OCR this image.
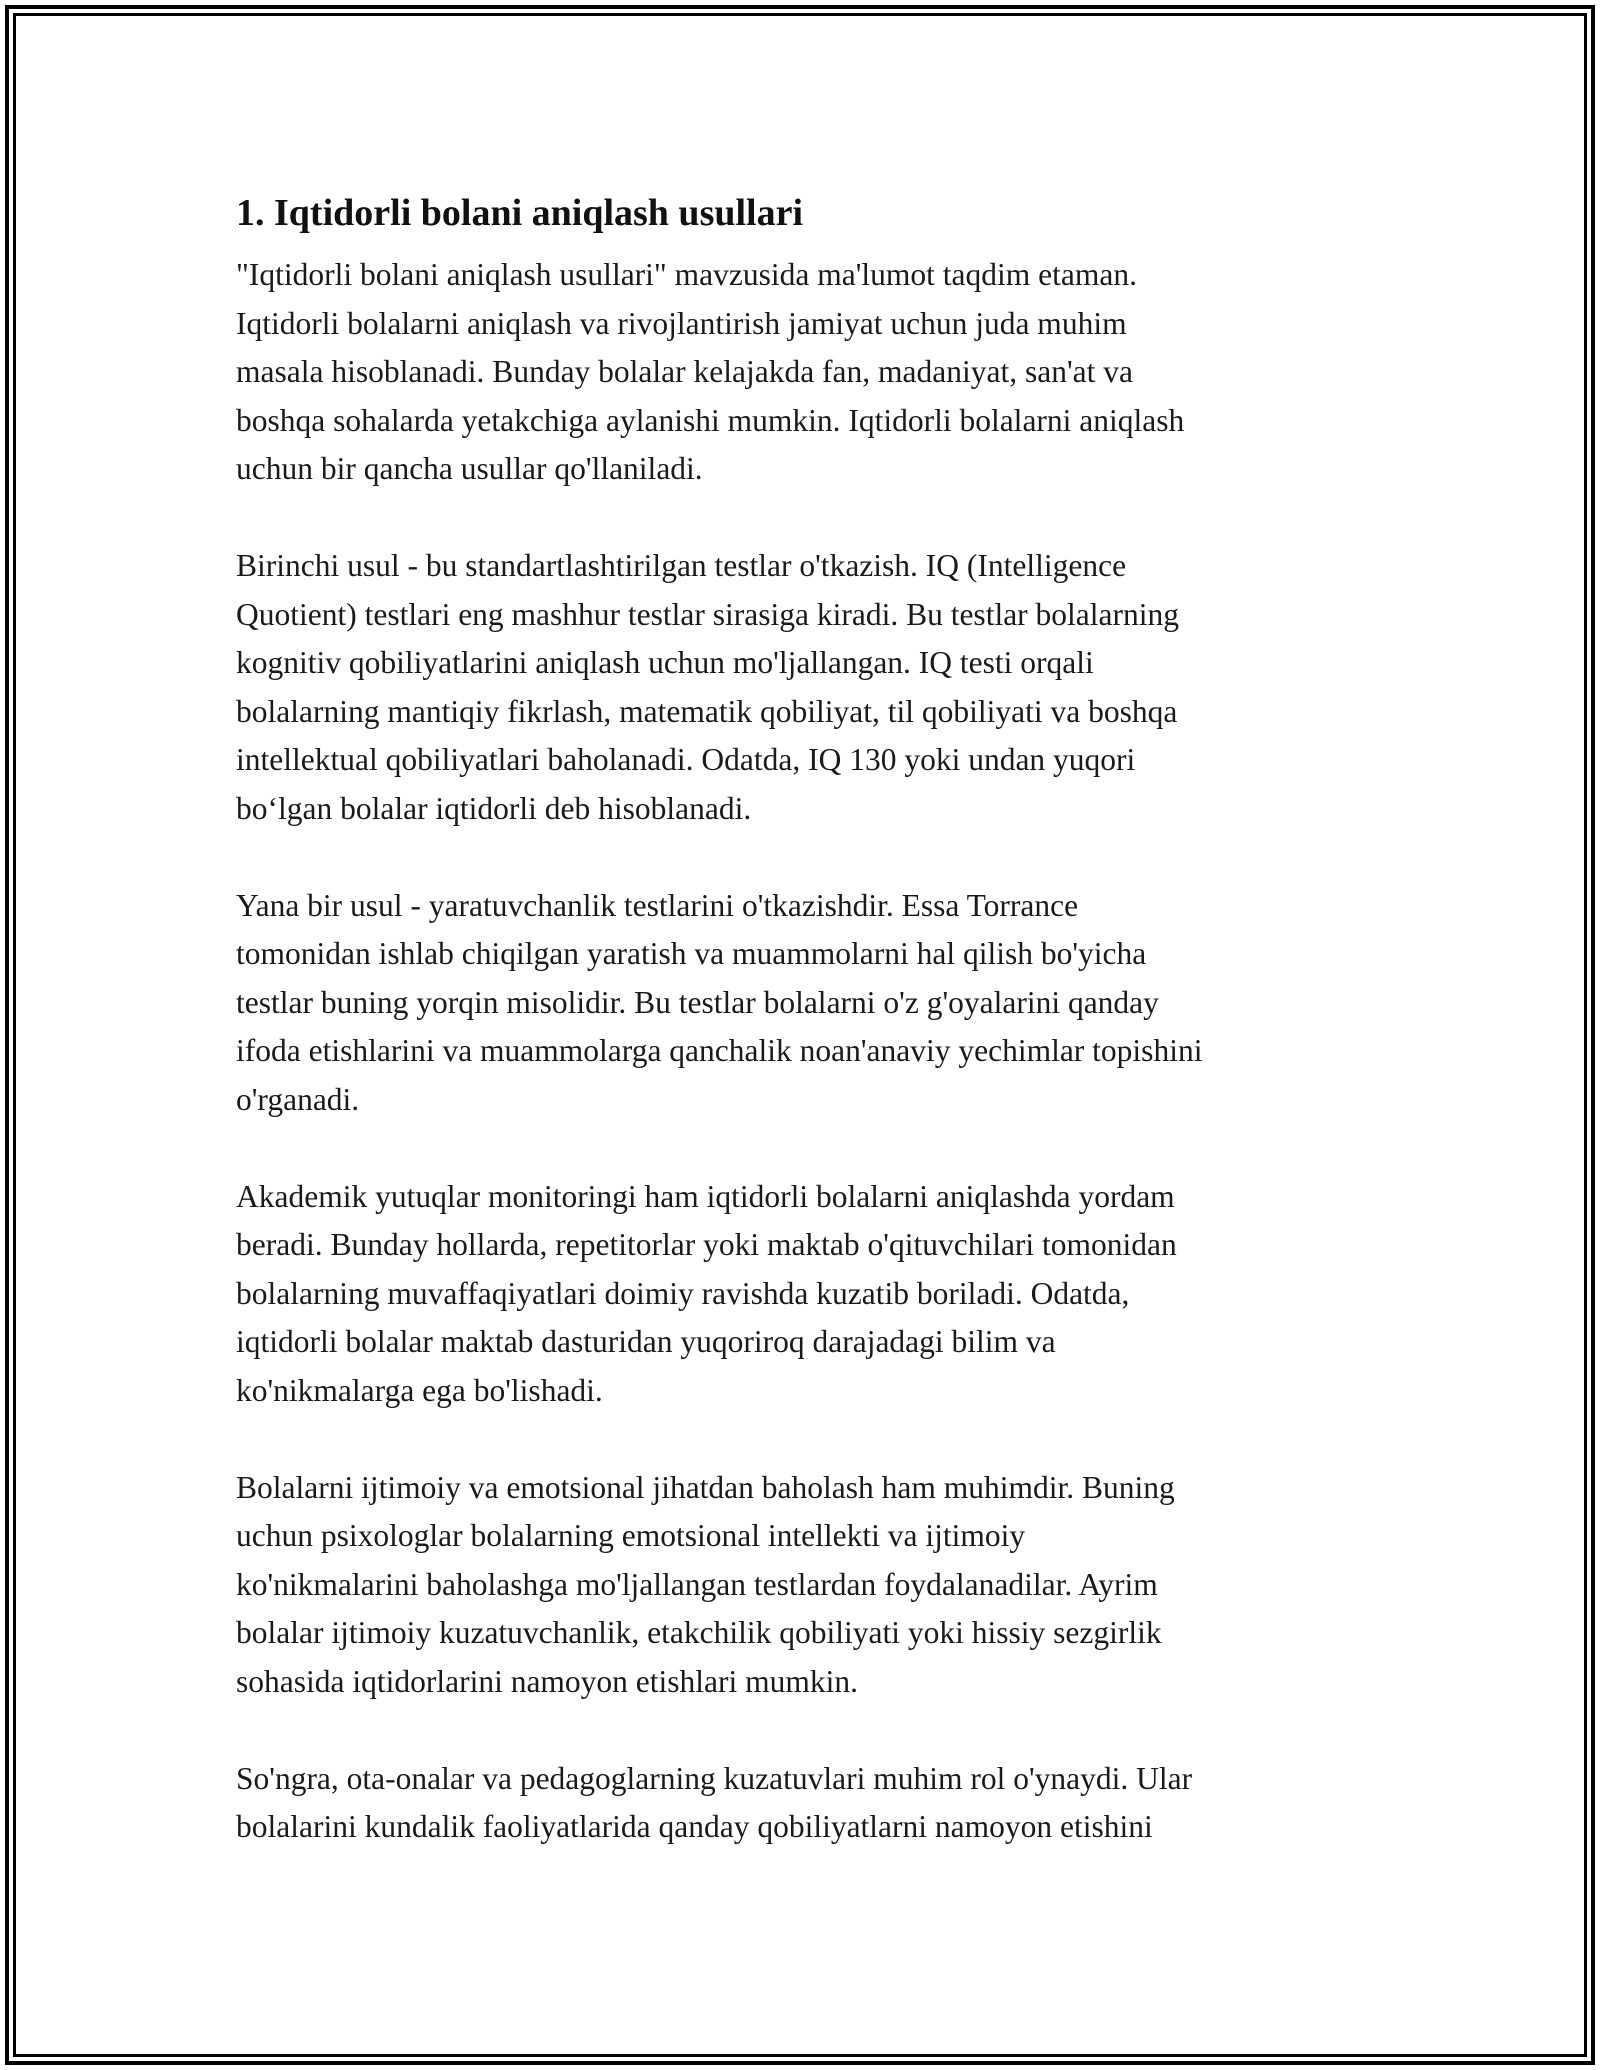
1. Iqtidorli bolani aniqlash usullari

"Iqtidorli bolani aniqlash usullari" mavzusida ma'lumot taqdim etaman.
Iqtidorli bolalarni aniqlash va rivojlantirish jamiyat uchun juda muhim
masala hisoblanadi. Bunday bolalar kelajakda fan, madaniyat, san'at va
boshqa sohalarda yetakchiga aylanishi mumkin. Iqtidorli bolalarni aniqlash
uchun bir qancha usullar qo'llaniladi.

Birinchi usul - bu standartlashtirilgan testlar o'tkazish. IQ (Intelligence
Quotient) testlari eng mashhur testlar sirasiga kiradi. Bu testlar bolalarning
kognitiv qobiliyatlarini aniqlash uchun mo'ljallangan. IQ testi orqali
bolalarning mantiqiy fikrlash, matematik qobiliyat, til qobiliyati va boshqa
intellektual qobiliyatlari baholanadi. Odatda, IQ 130 yoki undan yuqori
bo‘lgan bolalar iqtidorli deb hisoblanadi.

Yana bir usul - yaratuvchanlik testlarini o'tkazishdir. Essa Torrance
tomonidan ishlab chiqilgan yaratish va muammolarni hal qilish bo'yicha
testlar buning yorqin misolidir. Bu testlar bolalarni o'z g'oyalarini qanday
ifoda etishlarini va muammolarga qanchalik noan'anaviy yechimlar topishini
o'rganadi.

Akademik yutuqlar monitoringi ham iqtidorli bolalarni aniqlashda yordam
beradi. Bunday hollarda, repetitorlar yoki maktab o'qituvchilari tomonidan
bolalarning muvaffaqiyatlari doimiy ravishda kuzatib boriladi. Odatda,
iqtidorli bolalar maktab dasturidan yuqoriroq darajadagi bilim va
ko'nikmalarga ega bo'lishadi.

Bolalarni ijtimoiy va emotsional jihatdan baholash ham muhimdir. Buning
uchun psixologlar bolalarning emotsional intellekti va ijtimoiy
ko'nikmalarini baholashga mo'ljallangan testlardan foydalanadilar. Ayrim
bolalar ijtimoiy kuzatuvchanlik, etakchilik qobiliyati yoki hissiy sezgirlik
sohasida iqtidorlarini namoyon etishlari mumkin.

So'ngra, ota-onalar va pedagoglarning kuzatuvlari muhim rol o'ynaydi. Ular
bolalarini kundalik faoliyatlarida qanday qobiliyatlarni namoyon etishini
